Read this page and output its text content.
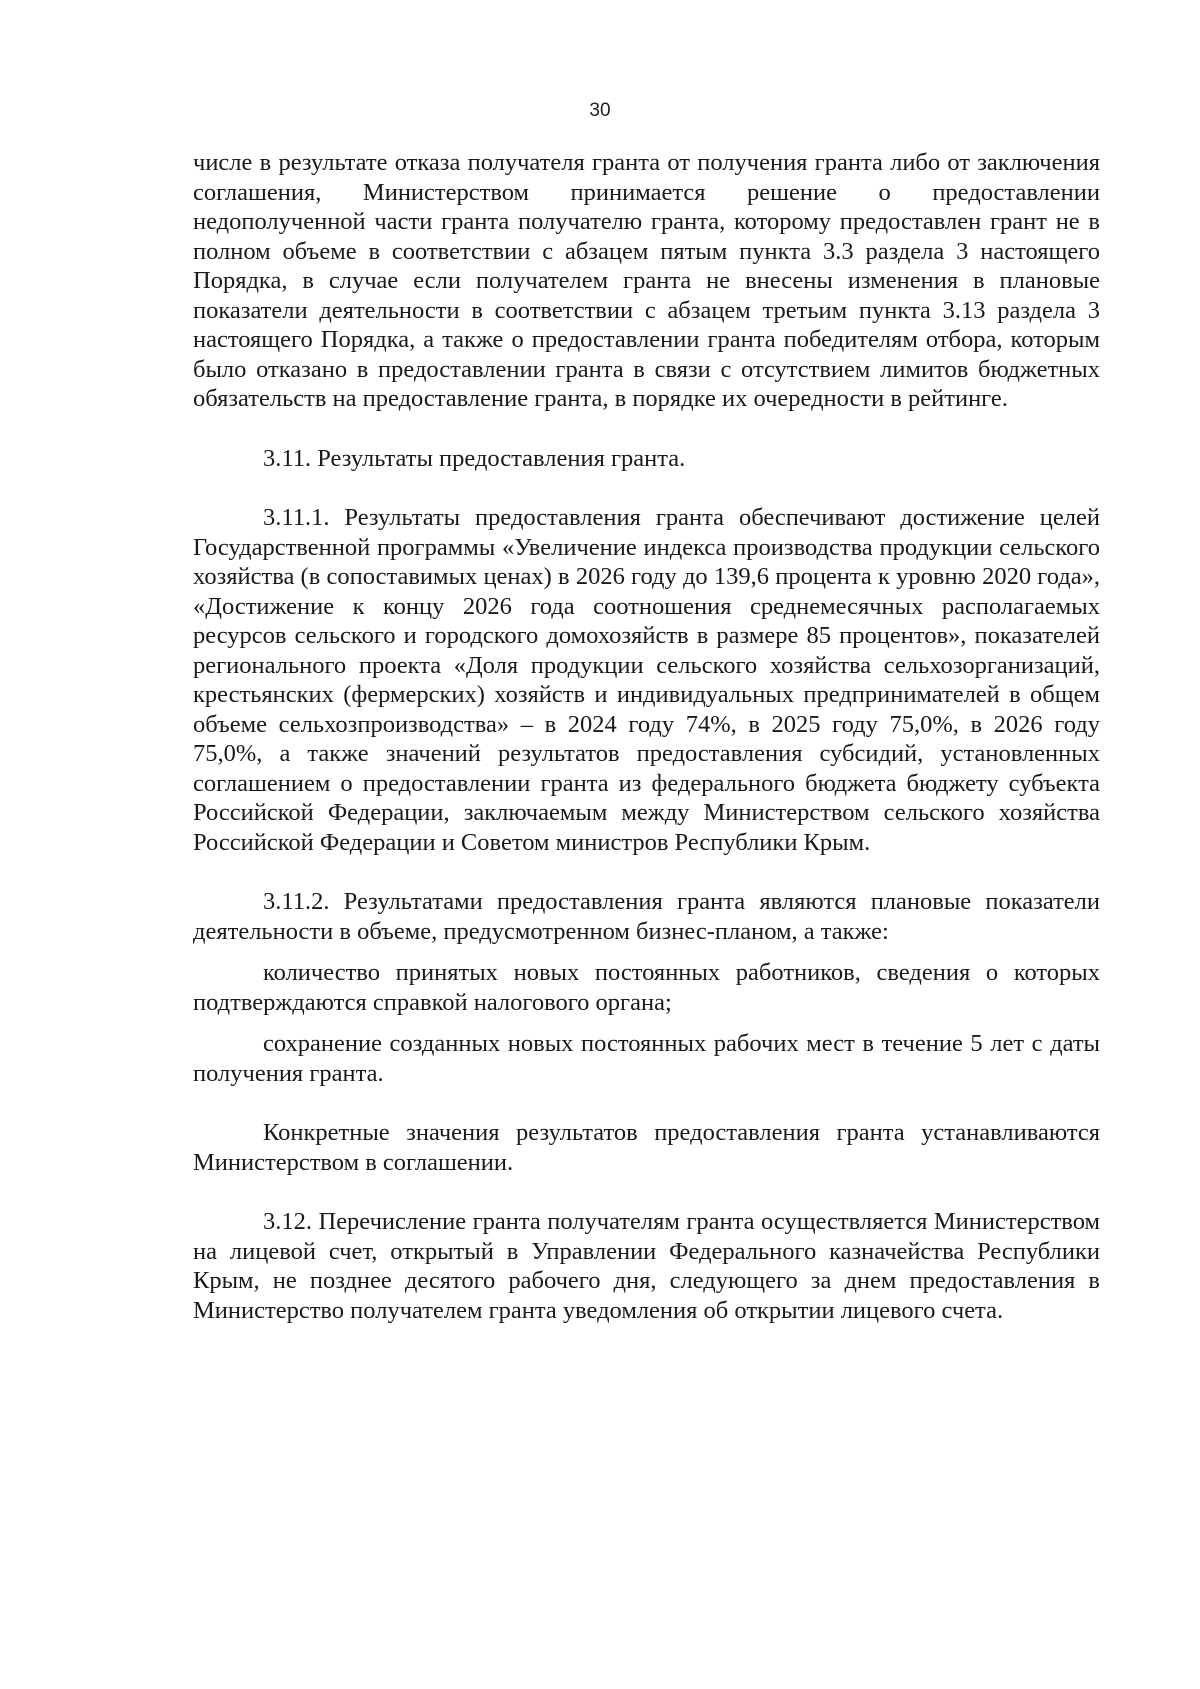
30

числе в результате отказа получателя гранта от получения гранта либо от заключения соглашения, Министерством принимается решение о предоставлении недополученной части гранта получателю гранта, которому предоставлен грант не в полном объеме в соответствии с абзацем пятым пункта 3.3 раздела 3 настоящего Порядка, в случае если получателем гранта не внесены изменения в плановые показатели деятельности в соответствии с абзацем третьим пункта 3.13 раздела 3 настоящего Порядка, а также о предоставлении гранта победителям отбора, которым было отказано в предоставлении гранта в связи с отсутствием лимитов бюджетных обязательств на предоставление гранта, в порядке их очередности в рейтинге.

3.11. Результаты предоставления гранта.

3.11.1. Результаты предоставления гранта обеспечивают достижение целей Государственной программы «Увеличение индекса производства продукции сельского хозяйства (в сопоставимых ценах) в 2026 году до 139,6 процента к уровню 2020 года», «Достижение к концу 2026 года соотношения среднемесячных располагаемых ресурсов сельского и городского домохозяйств в размере 85 процентов», показателей регионального проекта «Доля продукции сельского хозяйства сельхозорганизаций, крестьянских (фермерских) хозяйств и индивидуальных предпринимателей в общем объеме сельхозпроизводства» – в 2024 году 74%, в 2025 году 75,0%, в 2026 году 75,0%, а также значений результатов предоставления субсидий, установленных соглашением о предоставлении гранта из федерального бюджета бюджету субъекта Российской Федерации, заключаемым между Министерством сельского хозяйства Российской Федерации и Советом министров Республики Крым.

3.11.2. Результатами предоставления гранта являются плановые показатели деятельности в объеме, предусмотренном бизнес-планом, а также:

количество принятых новых постоянных работников, сведения о которых подтверждаются справкой налогового органа;

сохранение созданных новых постоянных рабочих мест в течение 5 лет с даты получения гранта.

Конкретные значения результатов предоставления гранта устанавливаются Министерством в соглашении.

3.12. Перечисление гранта получателям гранта осуществляется Министерством на лицевой счет, открытый в Управлении Федерального казначейства Республики Крым, не позднее десятого рабочего дня, следующего за днем предоставления в Министерство получателем гранта уведомления об открытии лицевого счета.
